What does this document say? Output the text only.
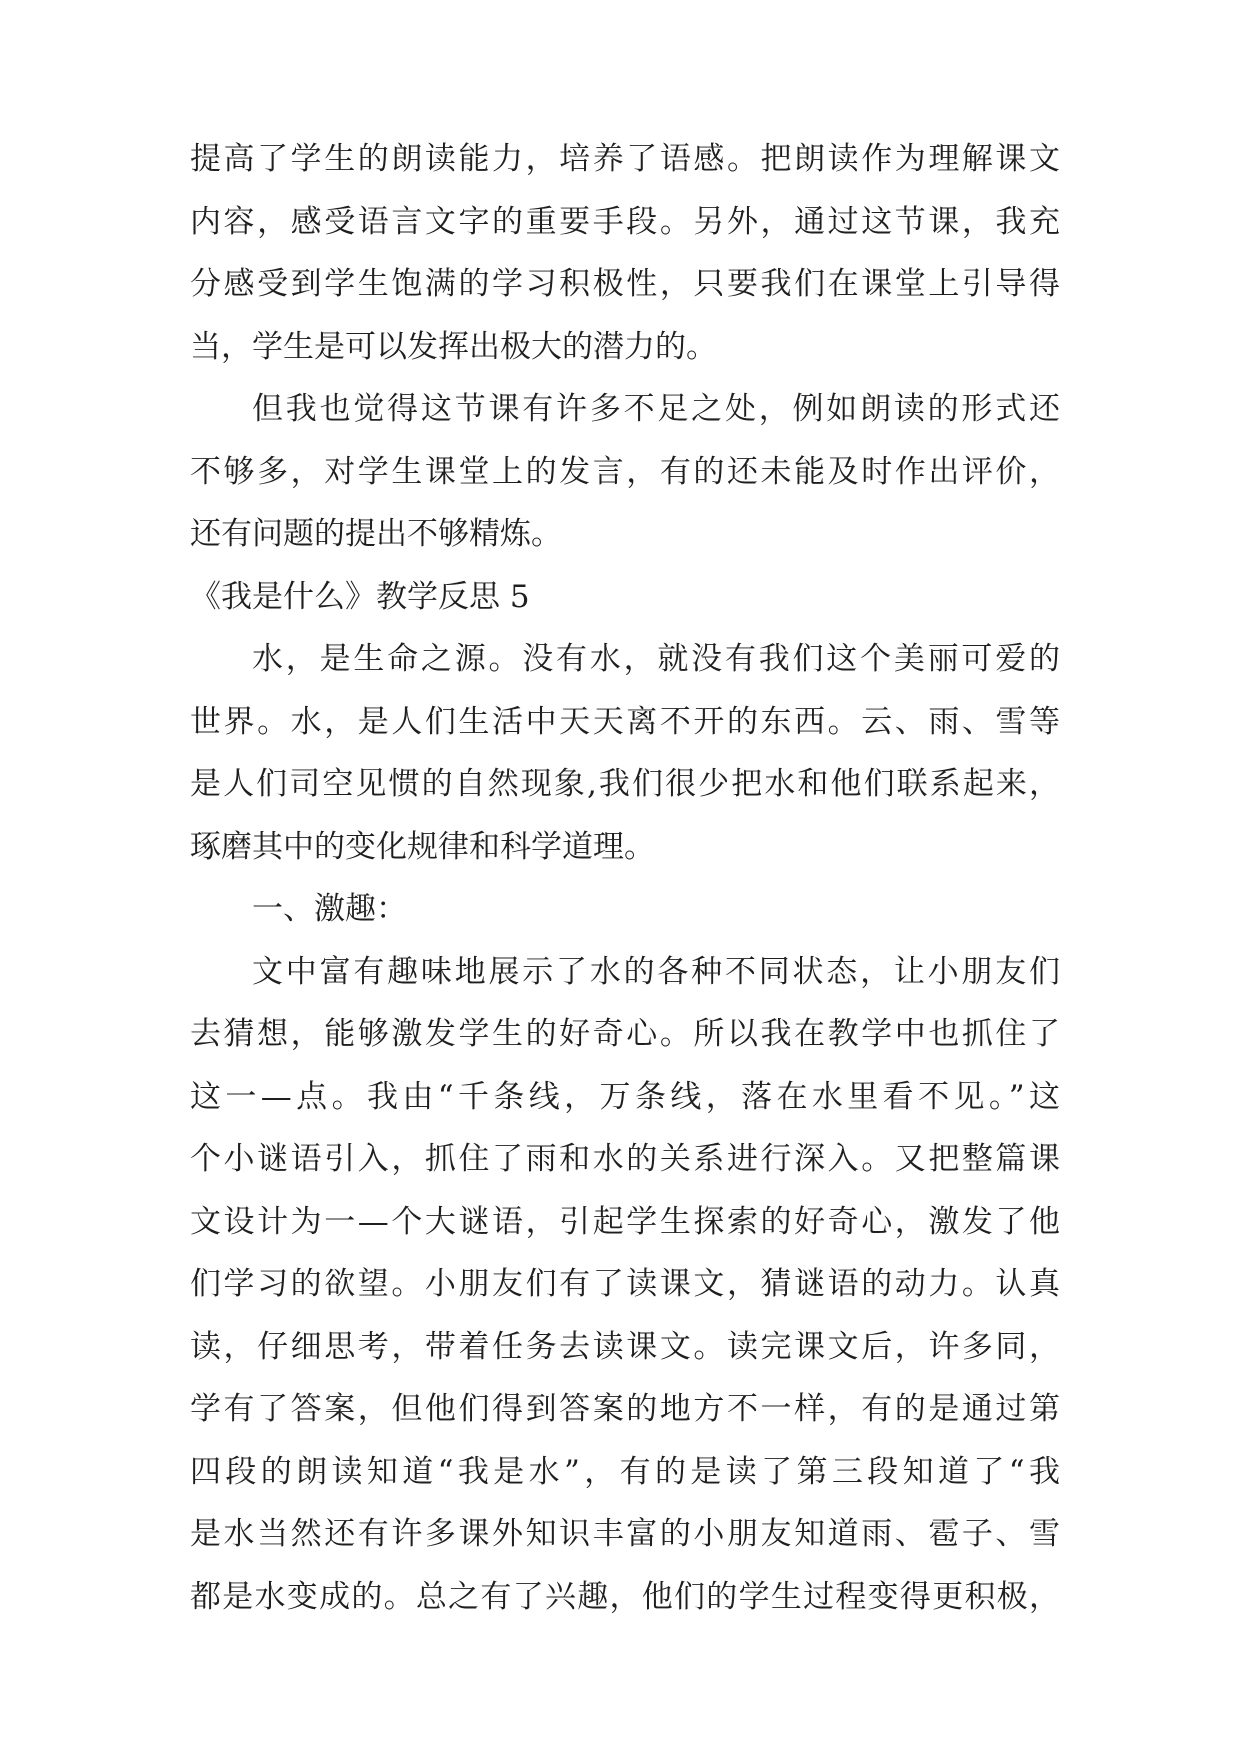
提高了学生的朗读能力，培养了语感。把朗读作为理解课文
内容，感受语言文字的重要手段。另外，通过这节课，我充
分感受到学生饱满的学习积极性，只要我们在课堂上引导得
当，学生是可以发挥出极大的潜力的。
但我也觉得这节课有许多不足之处，例如朗读的形式还
不够多，对学生课堂上的发言，有的还未能及时作出评价，
还有问题的提出不够精炼。
《我是什么》教学反思 5
水，是生命之源。没有水，就没有我们这个美丽可爱的
世界。水，是人们生活中天天离不开的东西。云、雨、雪等
是人们司空见惯的自然现象,我们很少把水和他们联系起来，
琢磨其中的变化规律和科学道理。
一、激趣：
文中富有趣味地展示了水的各种不同状态，让小朋友们
去猜想，能够激发学生的好奇心。所以我在教学中也抓住了
这一—点。我由“千条线，万条线，落在水里看不见。”这
个小谜语引入，抓住了雨和水的关系进行深入。又把整篇课
文设计为一—个大谜语，引起学生探索的好奇心，激发了他
们学习的欲望。小朋友们有了读课文，猜谜语的动力。认真
读，仔细思考，带着任务去读课文。读完课文后，许多同，
学有了答案，但他们得到答案的地方不一样，有的是通过第
四段的朗读知道“我是水”，有的是读了第三段知道了“我
是水当然还有许多课外知识丰富的小朋友知道雨、雹子、雪
都是水变成的。总之有了兴趣，他们的学生过程变得更积极，
